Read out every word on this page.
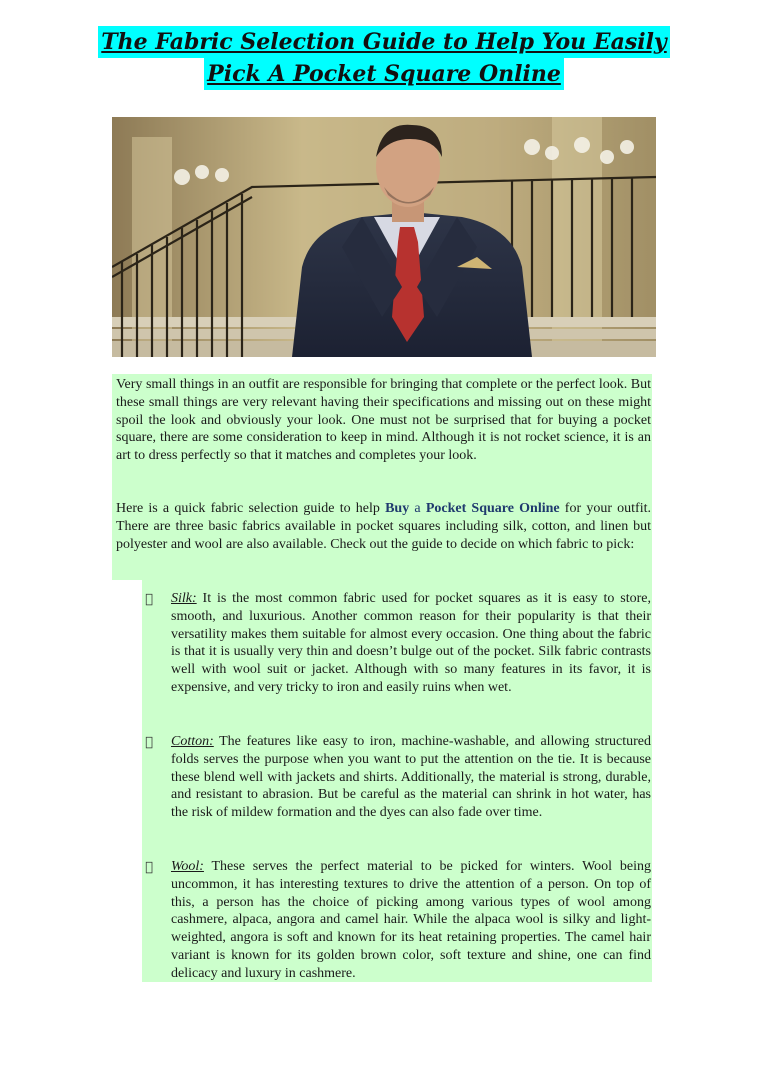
The Fabric Selection Guide to Help You Easily
Pick A Pocket Square Online

Very small things in an outfit are responsible for bringing that complete or the perfect look. But these small things are very relevant having their specifications and missing out on these might spoil the look and obviously your look. One must not be surprised that for buying a pocket square, there are some consideration to keep in mind. Although it is not rocket science, it is an art to dress perfectly so that it matches and completes your look.

Here is a quick fabric selection guide to help Buy a Pocket Square Online for your outfit. There are three basic fabrics available in pocket squares including silk, cotton, and linen but polyester and wool are also available. Check out the guide to decide on which fabric to pick:

Silk: It is the most common fabric used for pocket squares as it is easy to store, smooth, and luxurious. Another common reason for their popularity is that their versatility makes them suitable for almost every occasion. One thing about the fabric is that it is usually very thin and doesn’t bulge out of the pocket. Silk fabric contrasts well with wool suit or jacket. Although with so many features in its favor, it is expensive, and very tricky to iron and easily ruins when wet.

Cotton: The features like easy to iron, machine-washable, and allowing structured folds serves the purpose when you want to put the attention on the tie. It is because these blend well with jackets and shirts. Additionally, the material is strong, durable, and resistant to abrasion. But be careful as the material can shrink in hot water, has the risk of mildew formation and the dyes can also fade over time.

Wool: These serves the perfect material to be picked for winters. Wool being uncommon, it has interesting textures to drive the attention of a person. On top of this, a person has the choice of picking among various types of wool among cashmere, alpaca, angora and camel hair. While the alpaca wool is silky and light-weighted, angora is soft and known for its heat retaining properties. The camel hair variant is known for its golden brown color, soft texture and shine, one can find delicacy and luxury in cashmere.
